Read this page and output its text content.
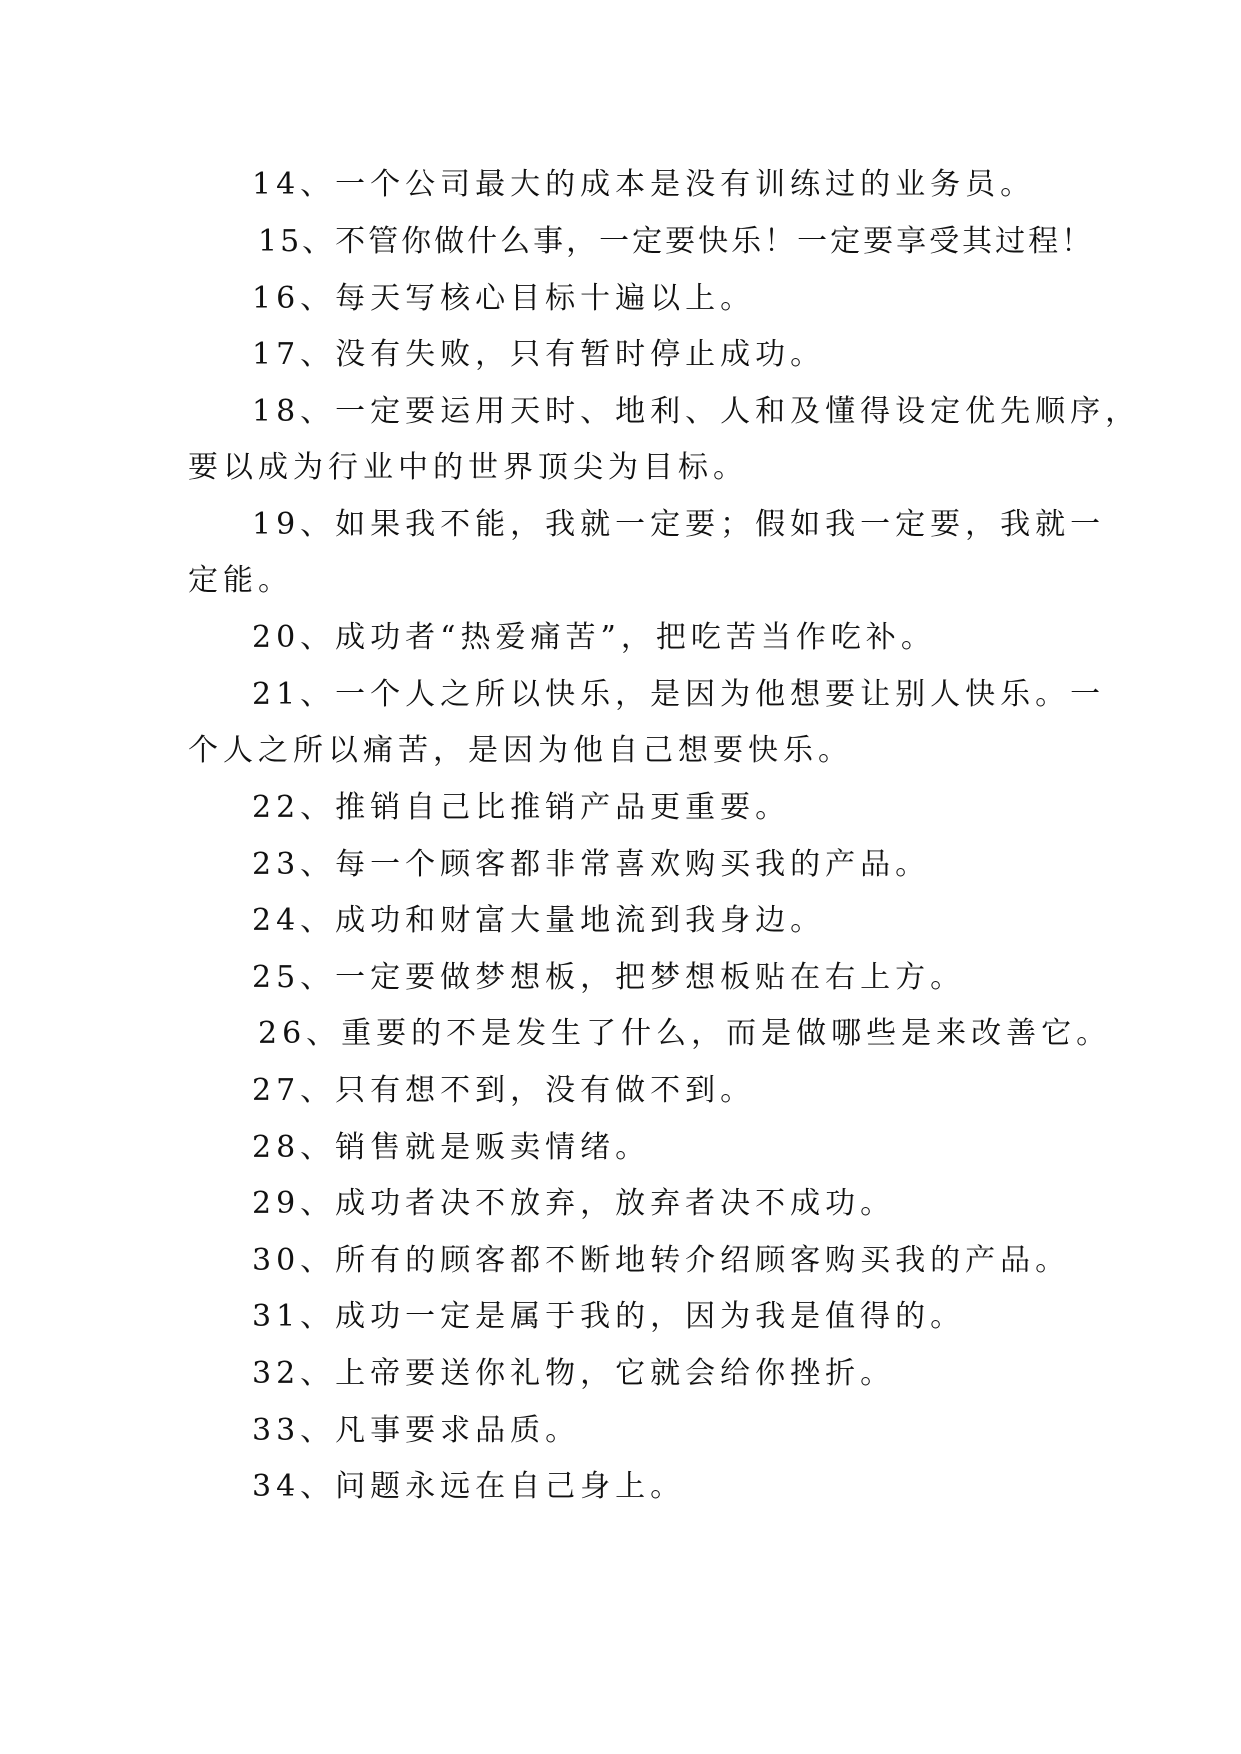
14、一个公司最大的成本是没有训练过的业务员。
15、不管你做什么事，一定要快乐！一定要享受其过程！
16、每天写核心目标十遍以上。
17、没有失败，只有暂时停止成功。
18、一定要运用天时、地利、人和及懂得设定优先顺序，
要以成为行业中的世界顶尖为目标。
19、如果我不能，我就一定要；假如我一定要，我就一
定能。
20、成功者“热爱痛苦”，把吃苦当作吃补。
21、一个人之所以快乐，是因为他想要让别人快乐。一
个人之所以痛苦，是因为他自己想要快乐。
22、推销自己比推销产品更重要。
23、每一个顾客都非常喜欢购买我的产品。
24、成功和财富大量地流到我身边。
25、一定要做梦想板，把梦想板贴在右上方。
26、重要的不是发生了什么，而是做哪些是来改善它。
27、只有想不到，没有做不到。
28、销售就是贩卖情绪。
29、成功者决不放弃，放弃者决不成功。
30、所有的顾客都不断地转介绍顾客购买我的产品。
31、成功一定是属于我的，因为我是值得的。
32、上帝要送你礼物，它就会给你挫折。
33、凡事要求品质。
34、问题永远在自己身上。
